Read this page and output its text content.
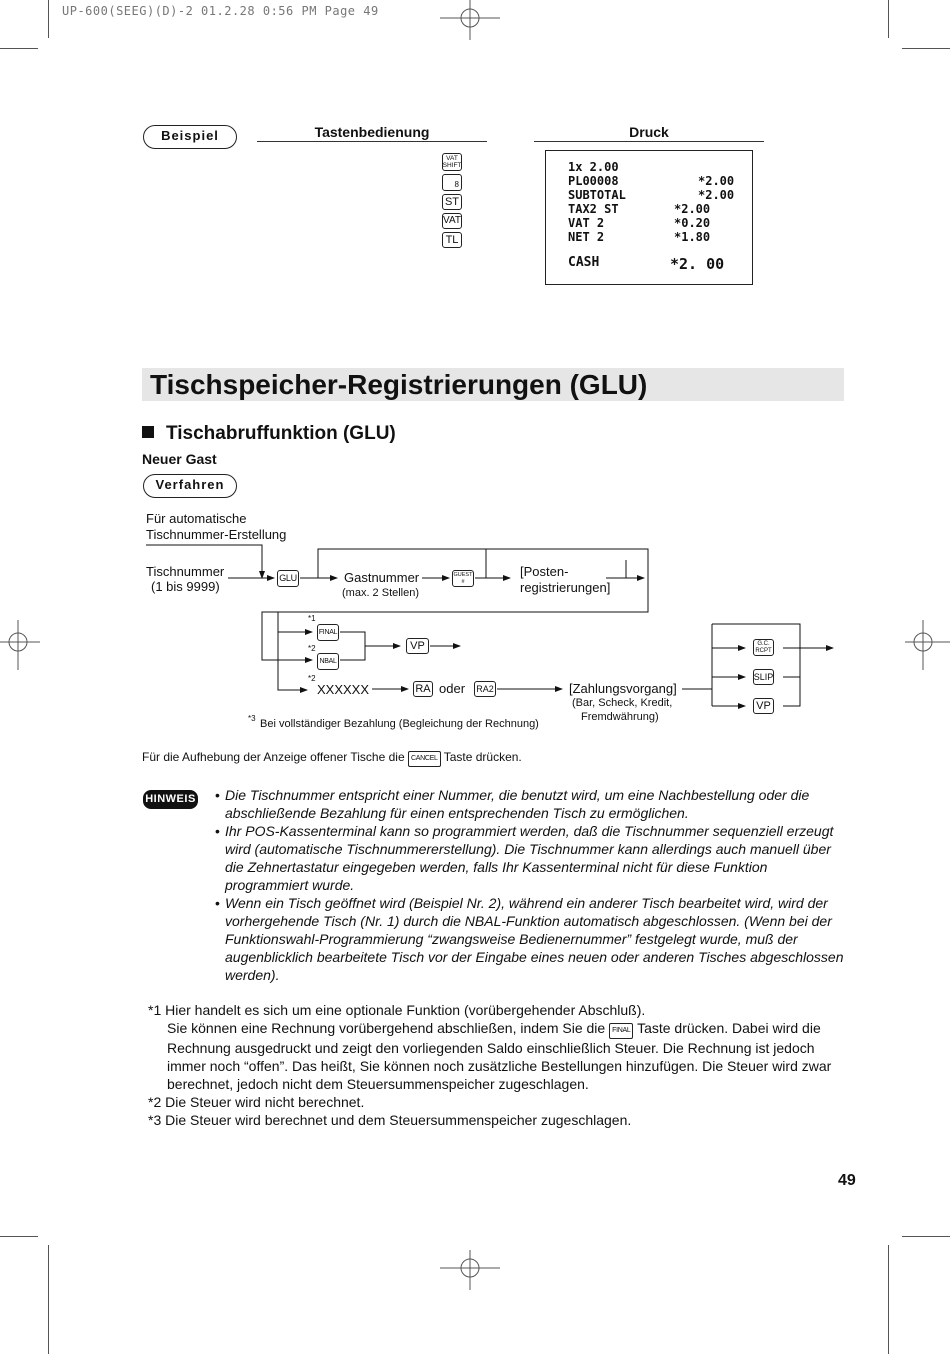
UP-600(SEEG)(D)-2 01.2.28 0:56 PM Page 49
Beispiel	Tastenbedienung	Druck
VAT SHIFT
8
ST
VAT
TL
1x 2.00
PL00008	*2.00
SUBTOTAL	*2.00
TAX2 ST	*2.00
VAT 2	*0.20
NET 2	*1.80
CASH	*2. 00
Tischspeicher-Registrierungen (GLU)
Tischabruffunktion (GLU)
Neuer Gast
Verfahren
Für automatische
Tischnummer-Erstellung
Tischnummer
(1 bis 9999)
GLU	Gastnummer
(max. 2 Stellen)
GUEST #
[Posten-
registrierungen]
*1
FINAL
*2
NBAL
VP
*2
XXXXXX	RA oder RA2	[Zahlungsvorgang]
(Bar, Scheck, Kredit,
Fremdwährung)
*3 Bei vollständiger Bezahlung (Begleichung der Rechnung)
G.C. RCPT
SLIP
VP
Für die Aufhebung der Anzeige offener Tische die CANCEL Taste drücken.
HINWEIS
•	Die Tischnummer entspricht einer Nummer, die benutzt wird, um eine Nachbestellung oder die abschließende Bezahlung für einen entsprechenden Tisch zu ermöglichen.
• Ihr POS-Kassenterminal kann so programmiert werden, daß die Tischnummer sequenziell erzeugt wird (automatische Tischnummererstellung). Die Tischnummer kann allerdings auch manuell über die Zehnertastatur eingegeben werden, falls Ihr Kassenterminal nicht für diese Funktion programmiert wurde.
• Wenn ein Tisch geöffnet wird (Beispiel Nr. 2), während ein anderer Tisch bearbeitet wird, wird der vorhergehende Tisch (Nr. 1) durch die NBAL-Funktion automatisch abgeschlossen. (Wenn bei der Funktionswahl-Programmierung “zwangsweise Bedienernummer” festgelegt wurde, muß der augenblicklich bearbeitete Tisch vor der Eingabe eines neuen oder anderen Tisches abgeschlossen werden).
*1 Hier handelt es sich um eine optionale Funktion (vorübergehender Abschluß).
Sie können eine Rechnung vorübergehend abschließen, indem Sie die FINAL Taste drücken. Dabei wird die Rechnung ausgedruckt und zeigt den vorliegenden Saldo einschließlich Steuer. Die Rechnung ist jedoch immer noch “offen”. Das heißt, Sie können noch zusätzliche Bestellungen hinzufügen. Die Steuer wird zwar berechnet, jedoch nicht dem Steuersummenspeicher zugeschlagen.
*2 Die Steuer wird nicht berechnet.
*3 Die Steuer wird berechnet und dem Steuersummenspeicher zugeschlagen.
49
